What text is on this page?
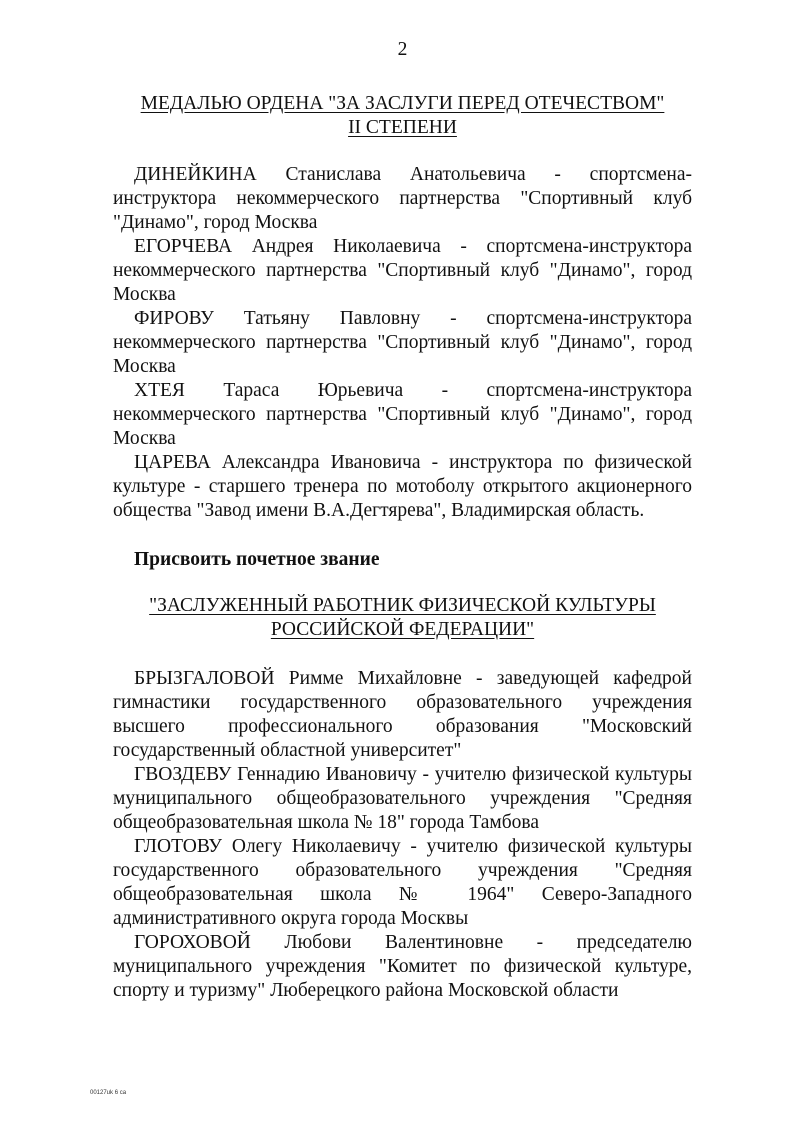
2
МЕДАЛЬЮ ОРДЕНА "ЗА ЗАСЛУГИ ПЕРЕД ОТЕЧЕСТВОМ"
II СТЕПЕНИ

ДИНЕЙКИНА Станислава Анатольевича - спортсмена-инструктора некоммерческого партнерства "Спортивный клуб "Динамо", город Москва

ЕГОРЧЕВА Андрея Николаевича - спортсмена-инструктора некоммерческого партнерства "Спортивный клуб "Динамо", город Москва

ФИРОВУ Татьяну Павловну - спортсмена-инструктора некоммерческого партнерства "Спортивный клуб "Динамо", город Москва

ХТЕЯ Тараса Юрьевича - спортсмена-инструктора некоммерческого партнерства "Спортивный клуб "Динамо", город Москва

ЦАРЕВА Александра Ивановича - инструктора по физической культуре - старшего тренера по мотоболу открытого акционерного общества "Завод имени В.А.Дегтярева", Владимирская область.

Присвоить почетное звание

"ЗАСЛУЖЕННЫЙ РАБОТНИК ФИЗИЧЕСКОЙ КУЛЬТУРЫ
РОССИЙСКОЙ ФЕДЕРАЦИИ"

БРЫЗГАЛОВОЙ Римме Михайловне - заведующей кафедрой гимнастики государственного образовательного учреждения высшего профессионального образования "Московский государственный областной университет"

ГВОЗДЕВУ Геннадию Ивановичу - учителю физической культуры муниципального общеобразовательного учреждения "Средняя общеобразовательная школа № 18" города Тамбова

ГЛОТОВУ Олегу Николаевичу - учителю физической культуры государственного образовательного учреждения "Средняя общеобразовательная школа № 1964" Северо-Западного административного округа города Москвы

ГОРОХОВОЙ Любови Валентиновне - председателю муниципального учреждения "Комитет по физической культуре, спорту и туризму" Люберецкого района Московской области

00127uk 6 са
